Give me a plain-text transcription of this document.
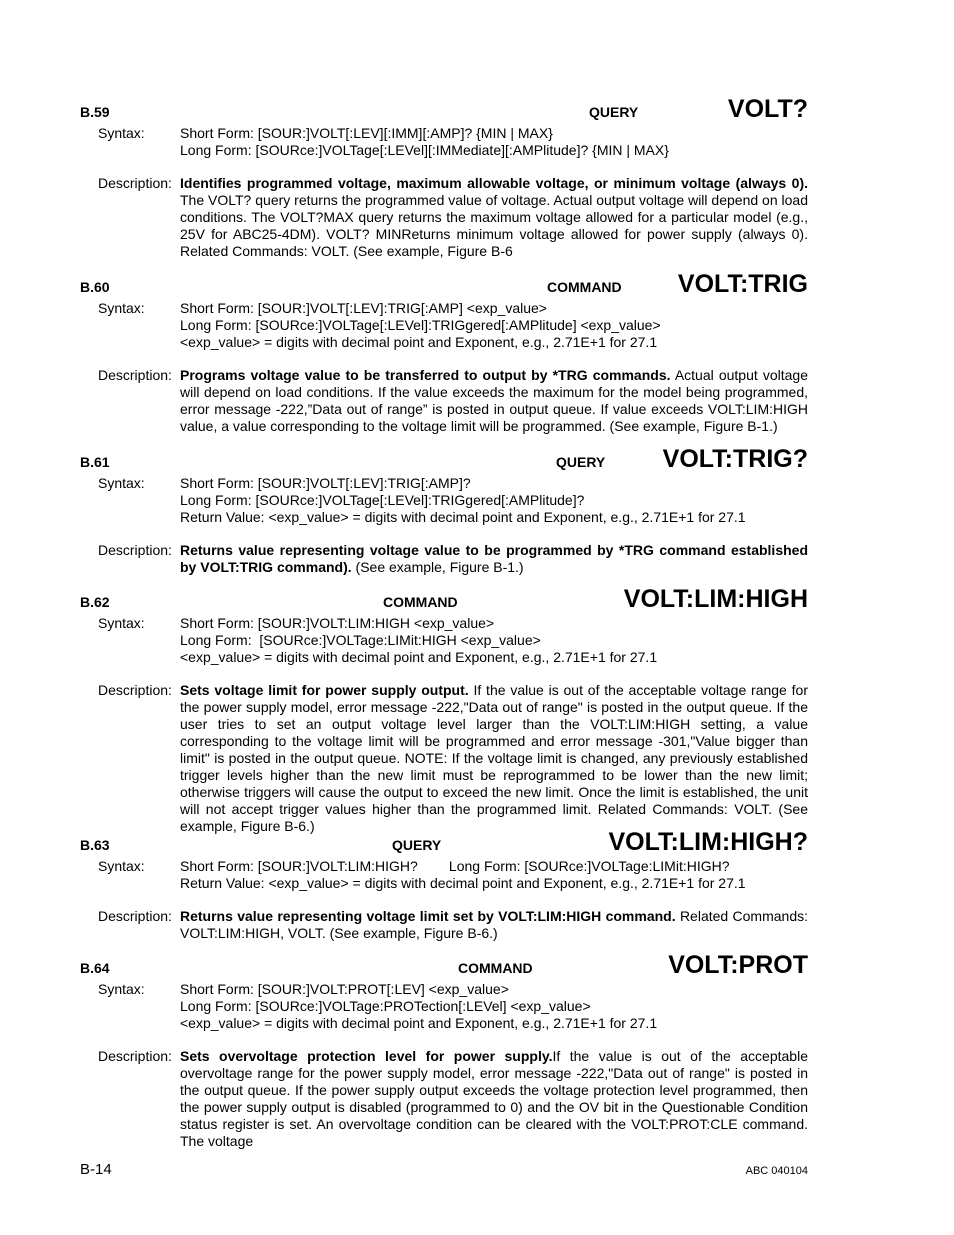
B.59	QUERY	VOLT?
Syntax:	Short Form: [SOUR:]VOLT[:LEV][:IMM][:AMP]? {MIN | MAX}
Long Form: [SOURce:]VOLTage[:LEVel][:IMMediate][:AMPlitude]? {MIN | MAX}
Description: Identifies programmed voltage, maximum allowable voltage, or minimum voltage (always 0). The VOLT? query returns the programmed value of voltage. Actual output voltage will depend on load conditions. The VOLT?MAX query returns the maximum voltage allowed for a particular model (e.g., 25V for ABC25-4DM). VOLT? MINReturns minimum voltage allowed for power supply (always 0). Related Commands: VOLT. (See example, Figure B-6
B.60	COMMAND VOLT:TRIG
Syntax:	Short Form: [SOUR:]VOLT[:LEV]:TRIG[:AMP] <exp_value>
Long Form: [SOURce:]VOLTage[:LEVel]:TRIGgered[:AMPlitude] <exp_value>
<exp_value> = digits with decimal point and Exponent, e.g., 2.71E+1 for 27.1
Description: Programs voltage value to be transferred to output by *TRG commands. Actual output voltage will depend on load conditions. If the value exceeds the maximum for the model being programmed, error message -222,”Data out of range” is posted in output queue. If value exceeds VOLT:LIM:HIGH value, a value corresponding to the voltage limit will be programmed. (See example, Figure B-1.)
B.61	QUERY VOLT:TRIG?
Syntax:	Short Form: [SOUR:]VOLT[:LEV]:TRIG[:AMP]?
Long Form: [SOURce:]VOLTage[:LEVel]:TRIGgered[:AMPlitude]?
Return Value: <exp_value> = digits with decimal point and Exponent, e.g., 2.71E+1 for 27.1
Description: Returns value representing voltage value to be programmed by *TRG command established by VOLT:TRIG command). (See example, Figure B-1.)
B.62	COMMAND	VOLT:LIM:HIGH
Syntax:	Short Form: [SOUR:]VOLT:LIM:HIGH <exp_value>
Long Form:  [SOURce:]VOLTage:LIMit:HIGH <exp_value>
<exp_value> = digits with decimal point and Exponent, e.g., 2.71E+1 for 27.1
Description: Sets voltage limit for power supply output. If the value is out of the acceptable voltage range for the power supply model, error message -222,"Data out of range" is posted in the output queue. If the user tries to set an output voltage level larger than the VOLT:LIM:HIGH setting, a value corresponding to the voltage limit will be programmed and error message -301,"Value bigger than limit" is posted in the output queue. NOTE: If the voltage limit is changed, any previously established trigger levels higher than the new limit must be reprogrammed to be lower than the new limit; otherwise triggers will cause the output to exceed the new limit. Once the limit is established, the unit will not accept trigger values higher than the programmed limit. Related Commands: VOLT. (See example, Figure B-6.)
B.63	QUERY	VOLT:LIM:HIGH?
Syntax:	Short Form: [SOUR:]VOLT:LIM:HIGH?        Long Form: [SOURce:]VOLTage:LIMit:HIGH?
Return Value: <exp_value> = digits with decimal point and Exponent, e.g., 2.71E+1 for 27.1
Description: Returns value representing voltage limit set by VOLT:LIM:HIGH command. Related Commands: VOLT:LIM:HIGH, VOLT. (See example, Figure B-6.)
B.64	COMMAND	VOLT:PROT
Syntax:	Short Form: [SOUR:]VOLT:PROT[:LEV] <exp_value>
Long Form: [SOURce:]VOLTage:PROTection[:LEVel] <exp_value>
<exp_value> = digits with decimal point and Exponent, e.g., 2.71E+1 for 27.1
Description: Sets overvoltage protection level for power supply.If the value is out of the acceptable overvoltage range for the power supply model, error message -222,"Data out of range" is posted in the output queue. If the power supply output exceeds the voltage protection level programmed, then the power supply output is disabled (programmed to 0) and the OV bit in the Questionable Condition status register is set. An overvoltage condition can be cleared with the VOLT:PROT:CLE command. The voltage
B-14	ABC 040104
